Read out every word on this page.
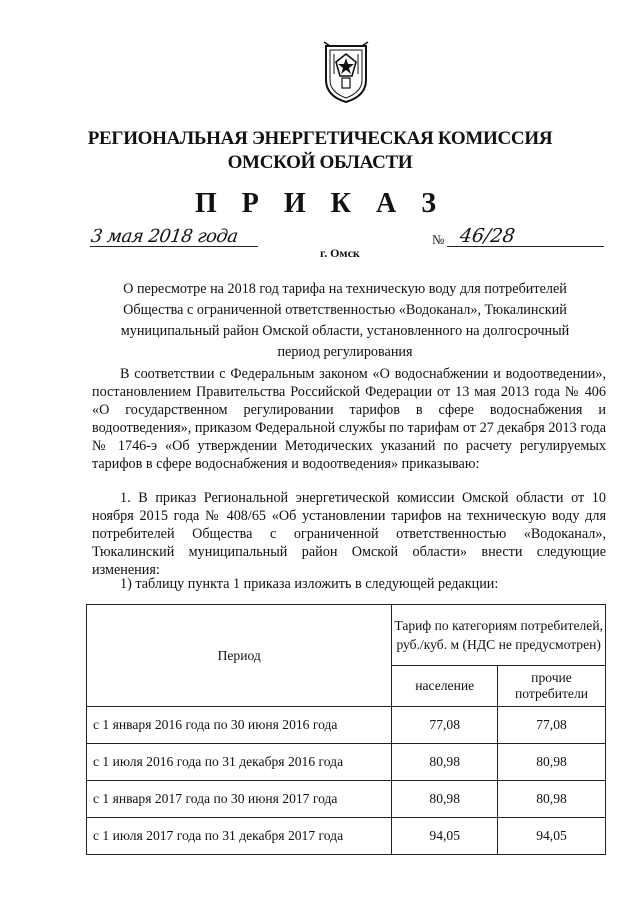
РЕГИОНАЛЬНАЯ ЭНЕРГЕТИЧЕСКАЯ КОМИССИЯ
ОМСКОЙ ОБЛАСТИ
П Р И К А З
3 мая 2018 года
г. Омск
№ 46/28
О пересмотре на 2018 год тарифа на техническую воду для потребителей Общества с ограниченной ответственностью «Водоканал», Тюкалинский муниципальный район Омской области, установленного на долгосрочный период регулирования
В соответствии с Федеральным законом «О водоснабжении и водоотведении», постановлением Правительства Российской Федерации от 13 мая 2013 года № 406 «О государственном регулировании тарифов в сфере водоснабжения и водоотведения», приказом Федеральной службы по тарифам от 27 декабря 2013 года № 1746-э «Об утверждении Методических указаний по расчету регулируемых тарифов в сфере водоснабжения и водоотведения» приказываю:
1. В приказ Региональной энергетической комиссии Омской области от 10 ноября 2015 года № 408/65 «Об установлении тарифов на техническую воду для потребителей Общества с ограниченной ответственностью «Водоканал», Тюкалинский муниципальный район Омской области» внести следующие изменения:
1) таблицу пункта 1 приказа изложить в следующей редакции:
Период	Тариф по категориям потребителей, руб./куб. м (НДС не предусмотрен)	
	население	прочие потребители
с 1 января 2016 года по 30 июня 2016 года	77,08	77,08
с 1 июля 2016 года по 31 декабря 2016 года	80,98	80,98
с 1 января 2017 года по 30 июня 2017 года	80,98	80,98
с 1 июля 2017 года по 31 декабря 2017 года	94,05	94,05
